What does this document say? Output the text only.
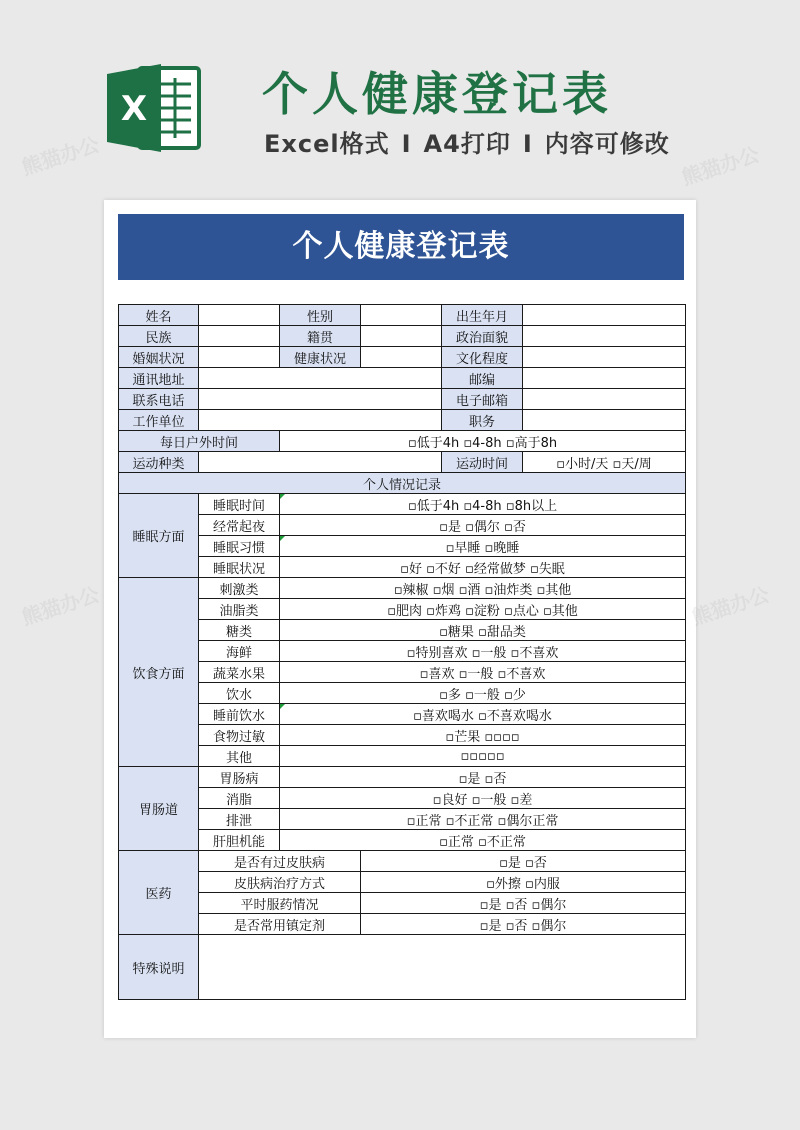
X 个人健康登记表
Excel格式 I A4打印 I 内容可修改
个人健康登记表
姓名		性别		出生年月	
民族		籍贯		政治面貌	
婚姻状况		健康状况		文化程度	
通讯地址				邮编	
联系电话				电子邮箱	
工作单位				职务	
每日户外时间		▫低于4h ▫4-8h ▫高于8h			
运动种类				运动时间	▫小时/天 ▫天/周
个人情况记录					
睡眠方面	睡眠时间	▫低于4h ▫4-8h ▫8h以上			
	经常起夜	▫是 ▫偶尔 ▫否			
	睡眠习惯	▫早睡 ▫晚睡			
	睡眠状况	▫好 ▫不好 ▫经常做梦 ▫失眠			
饮食方面	刺激类	▫辣椒 ▫烟 ▫酒 ▫油炸类 ▫其他			
	油脂类	▫肥肉 ▫炸鸡 ▫淀粉 ▫点心 ▫其他			
	糖类	▫糖果 ▫甜品类			
	海鲜	▫特别喜欢 ▫一般 ▫不喜欢			
	蔬菜水果	▫喜欢 ▫一般 ▫不喜欢			
	饮水	▫多 ▫一般 ▫少			
	睡前饮水	▫喜欢喝水 ▫不喜欢喝水			
	食物过敏	▫芒果 ▫▫▫▫			
	其他	▫▫▫▫▫			
胃肠道	胃肠病	▫是 ▫否			
	消脂	▫良好 ▫一般 ▫差			
	排泄	▫正常 ▫不正常 ▫偶尔正常			
	肝胆机能	▫正常 ▫不正常			
医药	是否有过皮肤病		▫是 ▫否		
	皮肤病治疗方式		▫外擦 ▫内服		
	平时服药情况		▫是 ▫否 ▫偶尔		
	是否常用镇定剂		▫是 ▫否 ▫偶尔		
特殊说明					
熊猫办公	熊猫办公
熊猫办公	熊猫办公
